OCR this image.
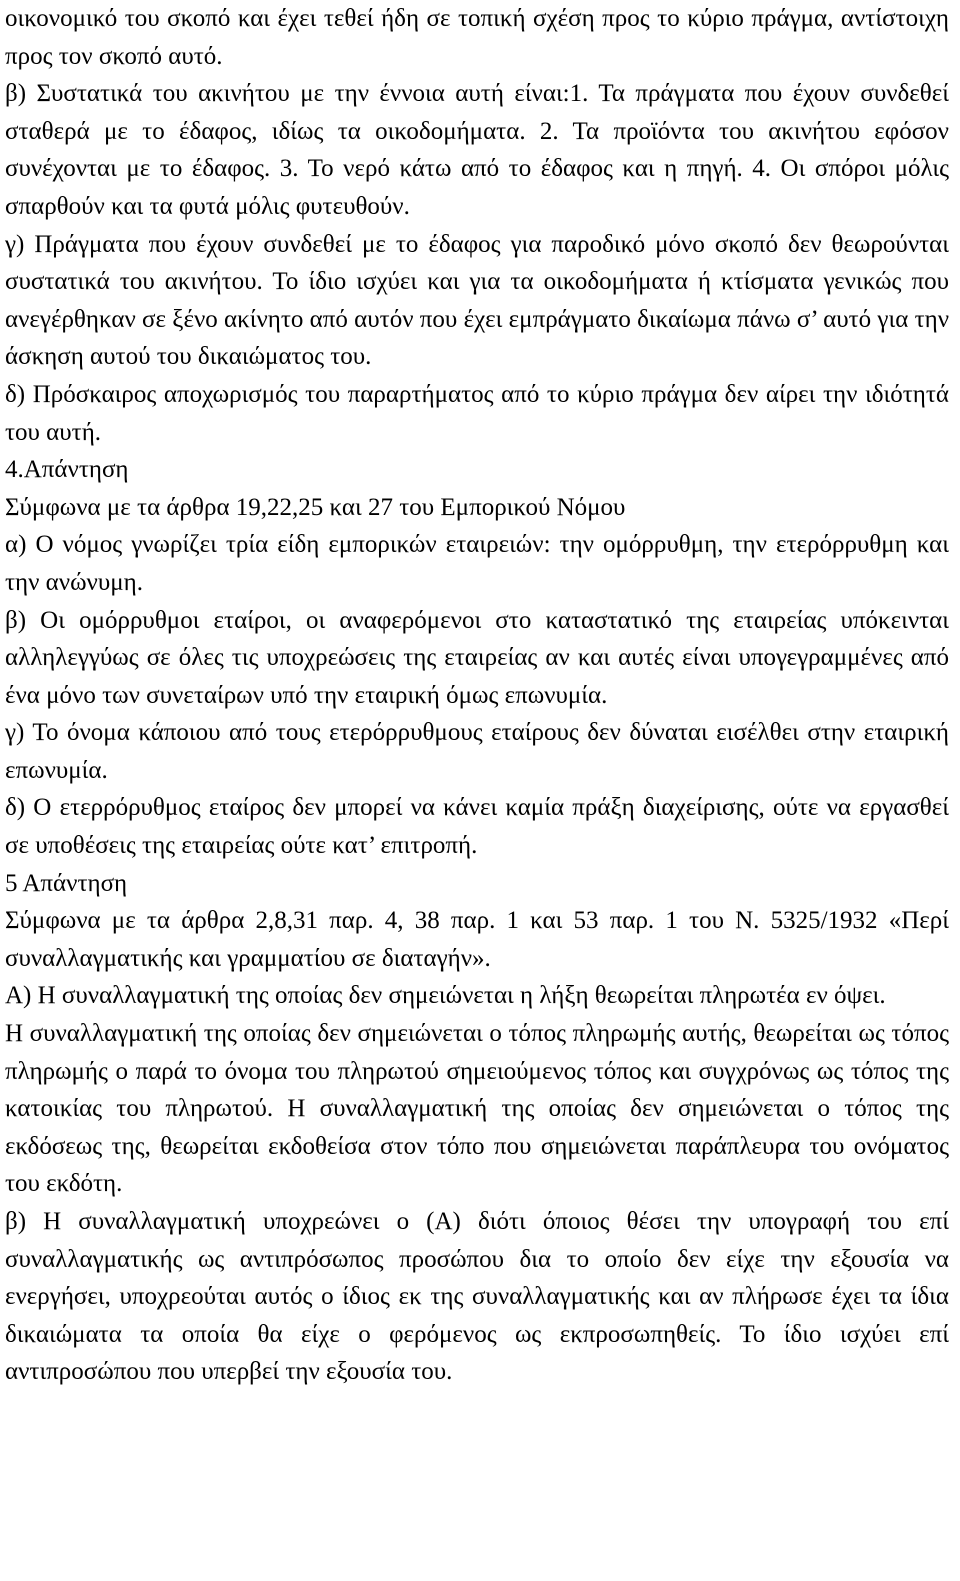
οικονομικό του σκοπό και έχει τεθεί ήδη σε τοπική σχέση προς το κύριο πράγμα, αντίστοιχη προς τον σκοπό αυτό.

β) Συστατικά του ακινήτου με την έννοια αυτή είναι:1. Τα πράγματα που έχουν συνδεθεί σταθερά με το έδαφος, ιδίως τα οικοδομήματα. 2. Τα προϊόντα του ακινήτου εφόσον συνέχονται με το έδαφος. 3. Το νερό κάτω από το έδαφος και η πηγή. 4. Οι σπόροι μόλις σπαρθούν και τα φυτά μόλις φυτευθούν.

γ) Πράγματα που έχουν συνδεθεί με το έδαφος για παροδικό μόνο σκοπό δεν θεωρούνται συστατικά του ακινήτου. Το ίδιο ισχύει και για τα οικοδομήματα ή κτίσματα γενικώς που ανεγέρθηκαν σε ξένο ακίνητο από αυτόν που έχει εμπράγματο δικαίωμα πάνω σ’ αυτό για την άσκηση αυτού του δικαιώματος του.

δ) Πρόσκαιρος αποχωρισμός του παραρτήματος από το κύριο πράγμα δεν αίρει την ιδιότητά του αυτή.

4.Απάντηση

Σύμφωνα με τα άρθρα 19,22,25 και 27 του Εμπορικού Νόμου

α) Ο νόμος γνωρίζει τρία είδη εμπορικών εταιρειών: την ομόρρυθμη, την ετερόρρυθμη και την ανώνυμη.

β) Οι ομόρρυθμοι εταίροι, οι αναφερόμενοι στο καταστατικό της εταιρείας υπόκεινται αλληλεγγύως σε όλες τις υποχρεώσεις της εταιρείας αν και αυτές είναι υπογεγραμμένες από ένα μόνο των συνεταίρων υπό την εταιρική όμως επωνυμία.

γ) Το όνομα κάποιου από τους ετερόρρυθμους εταίρους δεν δύναται εισέλθει στην εταιρική επωνυμία.

δ) Ο ετερρόρυθμος εταίρος δεν μπορεί να κάνει καμία πράξη διαχείρισης, ούτε να εργασθεί σε υποθέσεις της εταιρείας ούτε κατ’ επιτροπή.

5 Απάντηση

Σύμφωνα με τα άρθρα 2,8,31 παρ. 4, 38 παρ. 1 και 53 παρ. 1 του Ν. 5325/1932 «Περί συναλλαγματικής και γραμματίου σε διαταγήν».

Α) Η συναλλαγματική της οποίας δεν σημειώνεται η λήξη θεωρείται πληρωτέα εν όψει.

Η συναλλαγματική της οποίας δεν σημειώνεται ο τόπος πληρωμής αυτής, θεωρείται ως τόπος πληρωμής ο παρά το όνομα του πληρωτού σημειούμενος τόπος και συγχρόνως ως τόπος της κατοικίας του πληρωτού. Η συναλλαγματική της οποίας δεν σημειώνεται ο τόπος της εκδόσεως της, θεωρείται εκδοθείσα στον τόπο που σημειώνεται παράπλευρα του ονόματος του εκδότη.

β) Η συναλλαγματική υποχρεώνει ο (Α) διότι όποιος θέσει την υπογραφή του επί συναλλαγματικής ως αντιπρόσωπος προσώπου δια το οποίο δεν είχε την εξουσία να ενεργήσει, υποχρεούται αυτός ο ίδιος εκ της συναλλαγματικής και αν πλήρωσε έχει τα ίδια δικαιώματα τα οποία θα είχε ο φερόμενος ως εκπροσωπηθείς. Το ίδιο ισχύει επί αντιπροσώπου που υπερβεί την εξουσία του.
